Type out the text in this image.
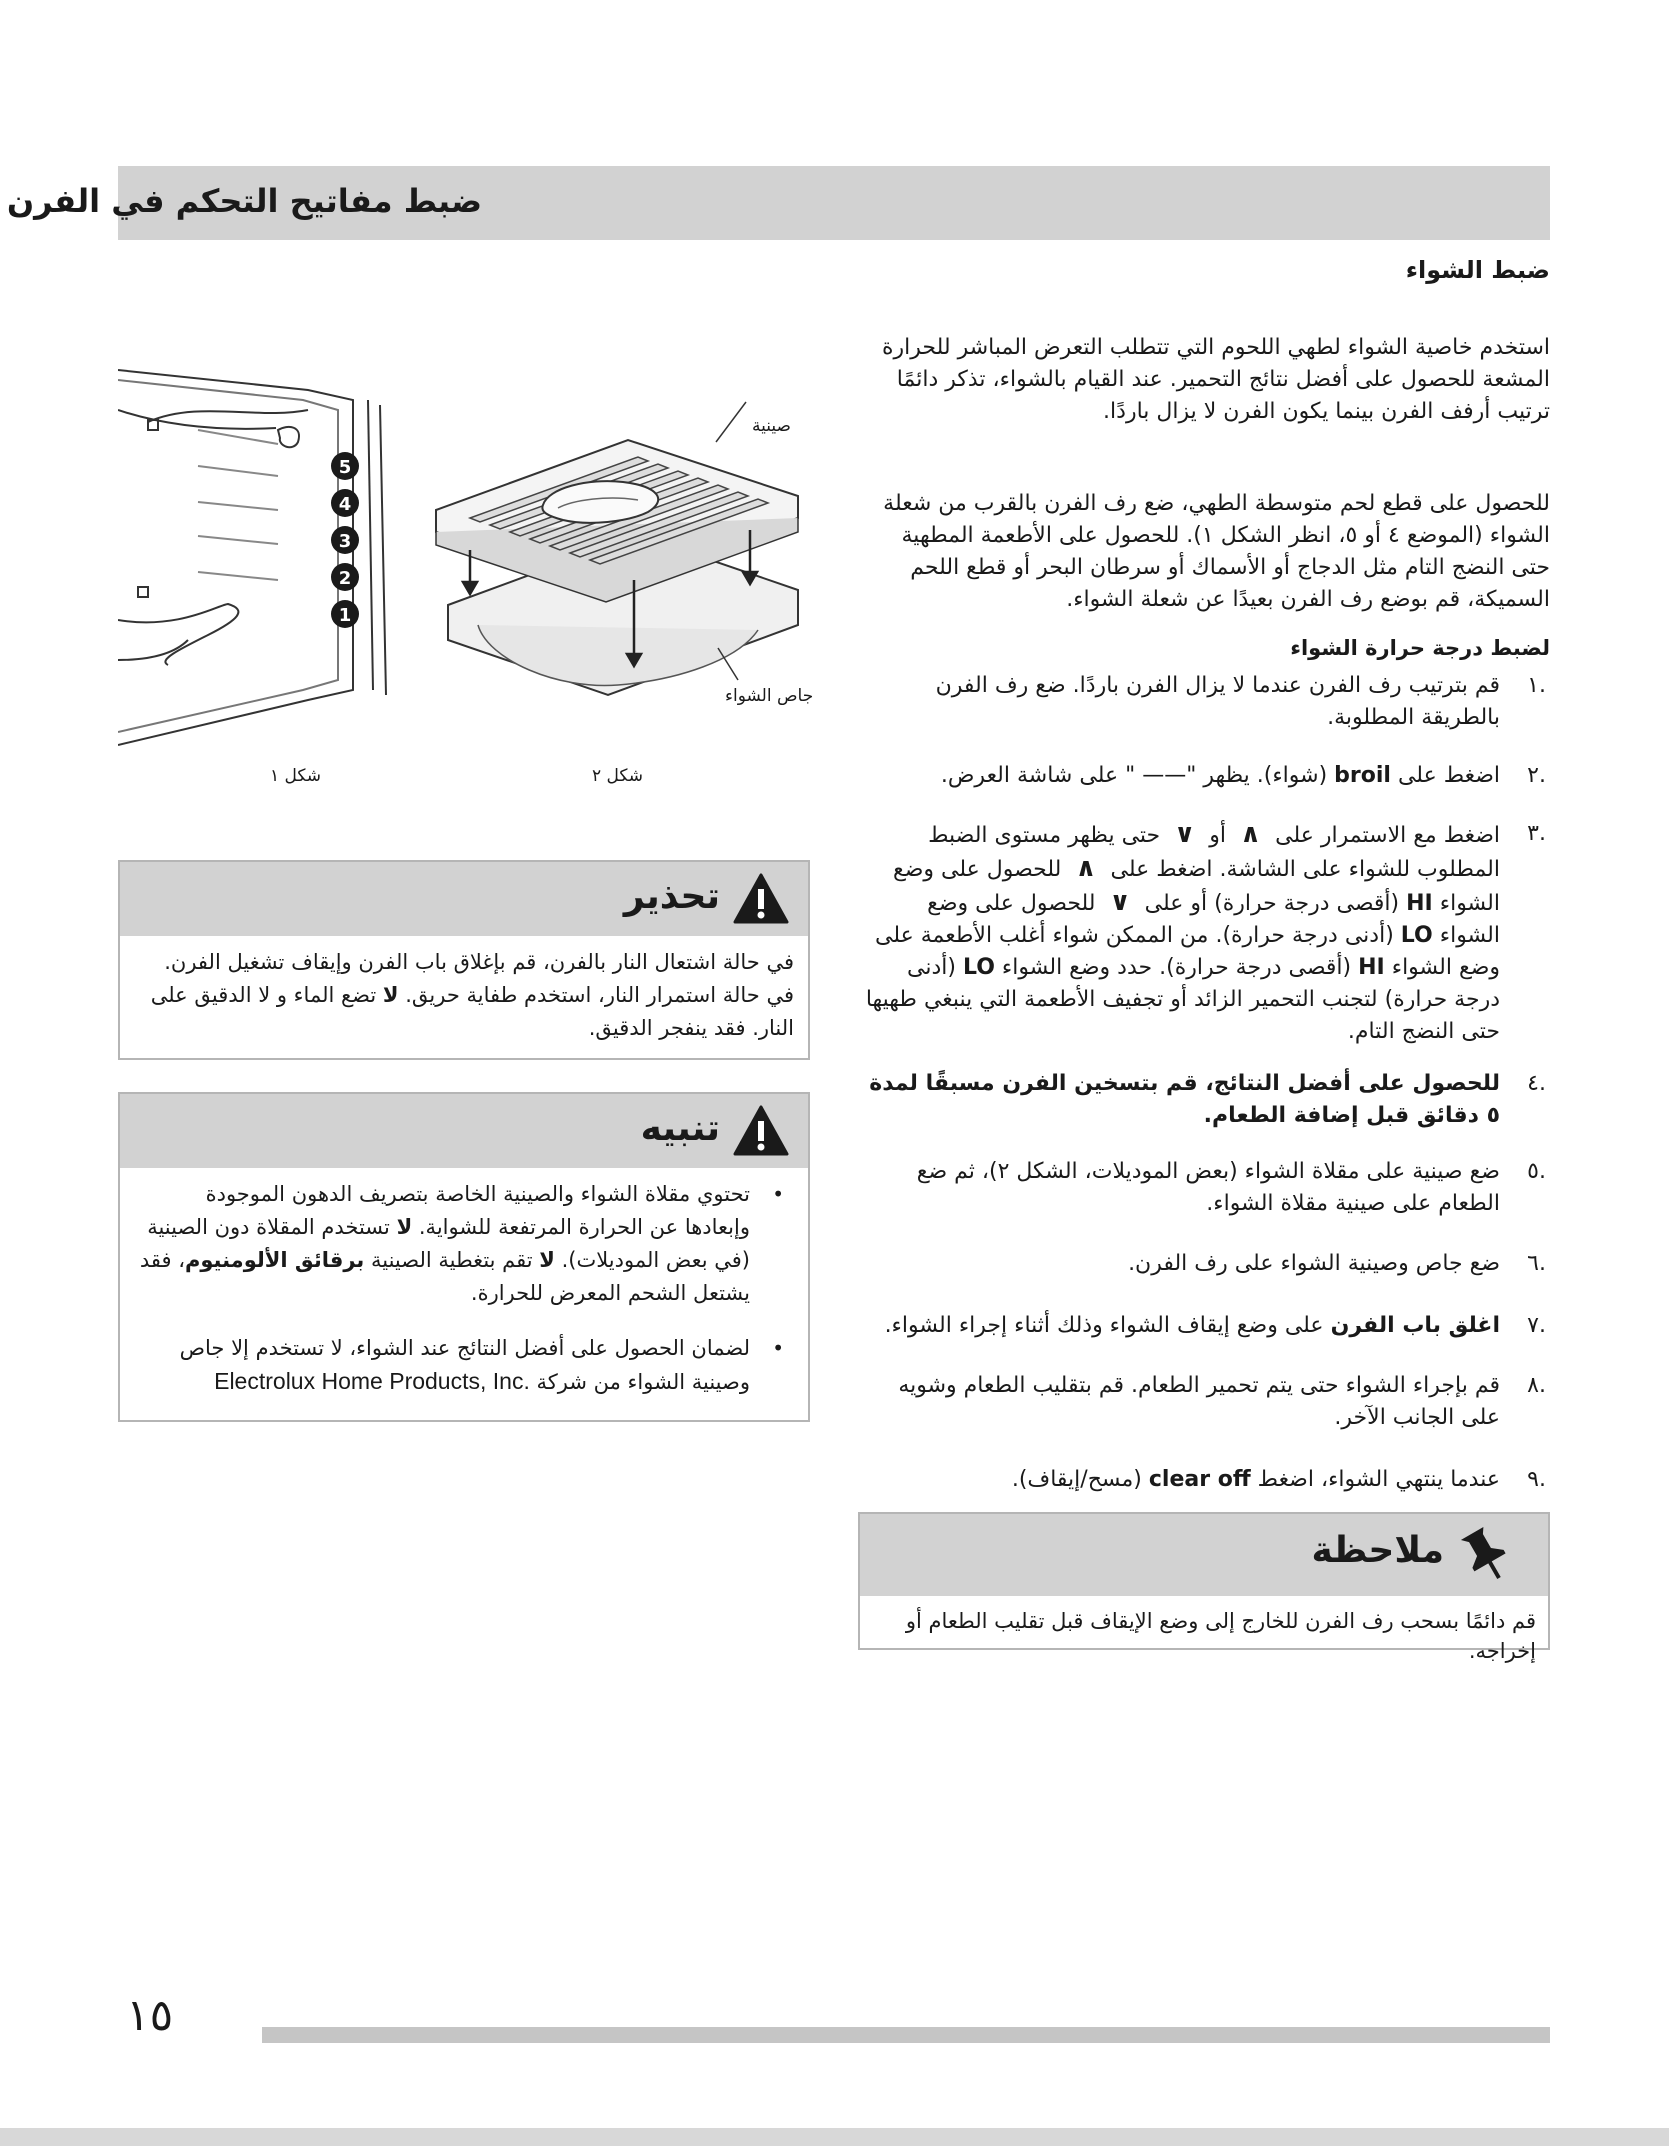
ضبط مفاتيح التحكم في الفرن
ضبط الشواء

استخدم خاصية الشواء لطهي اللحوم التي تتطلب التعرض المباشر للحرارة المشعة للحصول على أفضل نتائج التحمير. عند القيام بالشواء، تذكر دائمًا ترتيب أرفف الفرن بينما يكون الفرن لا يزال باردًا.

للحصول على قطع لحم متوسطة الطهي، ضع رف الفرن بالقرب من شعلة الشواء (الموضع ٤ أو ٥، انظر الشكل ١). للحصول على الأطعمة المطهية حتى النضج التام مثل الدجاج أو الأسماك أو سرطان البحر أو قطع اللحم السميكة، قم بوضع رف الفرن بعيدًا عن شعلة الشواء.

لضبط درجة حرارة الشواء
.١
قم بترتيب رف الفرن عندما لا يزال الفرن باردًا. ضع رف الفرن بالطريقة المطلوبة.
.٢
اضغط على broil (شواء). يظهر "—— " على شاشة العرض.
.٣
اضغط مع الاستمرار على∧أو∨حتى يظهر مستوى الضبط المطلوب للشواء على الشاشة. اضغط على∧للحصول على وضع الشواء HI (أقصى درجة حرارة) أو على∨للحصول على وضع الشواء LO (أدنى درجة حرارة). من الممكن شواء أغلب الأطعمة على وضع الشواء HI (أقصى درجة حرارة). حدد وضع الشواء LO (أدنى درجة حرارة) لتجنب التحمير الزائد أو تجفيف الأطعمة التي ينبغي طهيها حتى النضج التام.
.٤
للحصول على أفضل النتائج، قم بتسخين الفرن مسبقًا لمدة ٥ دقائق قبل إضافة الطعام.
.٥
ضع صينية على مقلاة الشواء (بعض الموديلات، الشكل ٢)، ثم ضع الطعام على صينية مقلاة الشواء.
.٦
ضع جاص وصينية الشواء على رف الفرن.
.٧
اغلق باب الفرن على وضع إيقاف الشواء وذلك أثناء إجراء الشواء.
.٨
قم بإجراء الشواء حتى يتم تحمير الطعام. قم بتقليب الطعام وشويه على الجانب الآخر.
.٩
عندما ينتهي الشواء، اضغط clear off (مسح/إيقاف).
ملاحظة
قم دائمًا بسحب رف الفرن للخارج إلى وضع الإيقاف قبل تقليب الطعام أو إخراجه.
5
4
3
2
1
صينية
جاص الشواء
شكل ١	شكل ٢
تحذير
في حالة اشتعال النار بالفرن، قم بإغلاق باب الفرن وإيقاف تشغيل الفرن. في حالة استمرار النار، استخدم طفاية حريق. لا تضع الماء و لا الدقيق على النار. فقد ينفجر الدقيق.
تنبيه
• تحتوي مقلاة الشواء والصينية الخاصة بتصريف الدهون الموجودة وإبعادها عن الحرارة المرتفعة للشواية. لا تستخدم المقلاة دون الصينية (في بعض الموديلات). لا تقم بتغطية الصينية برقائق الألومنيوم، فقد يشتعل الشحم المعرض للحرارة.
• لضمان الحصول على أفضل النتائج عند الشواء، لا تستخدم إلا جاص وصينية الشواء من شركة Electrolux Home Products, Inc.
١٥
